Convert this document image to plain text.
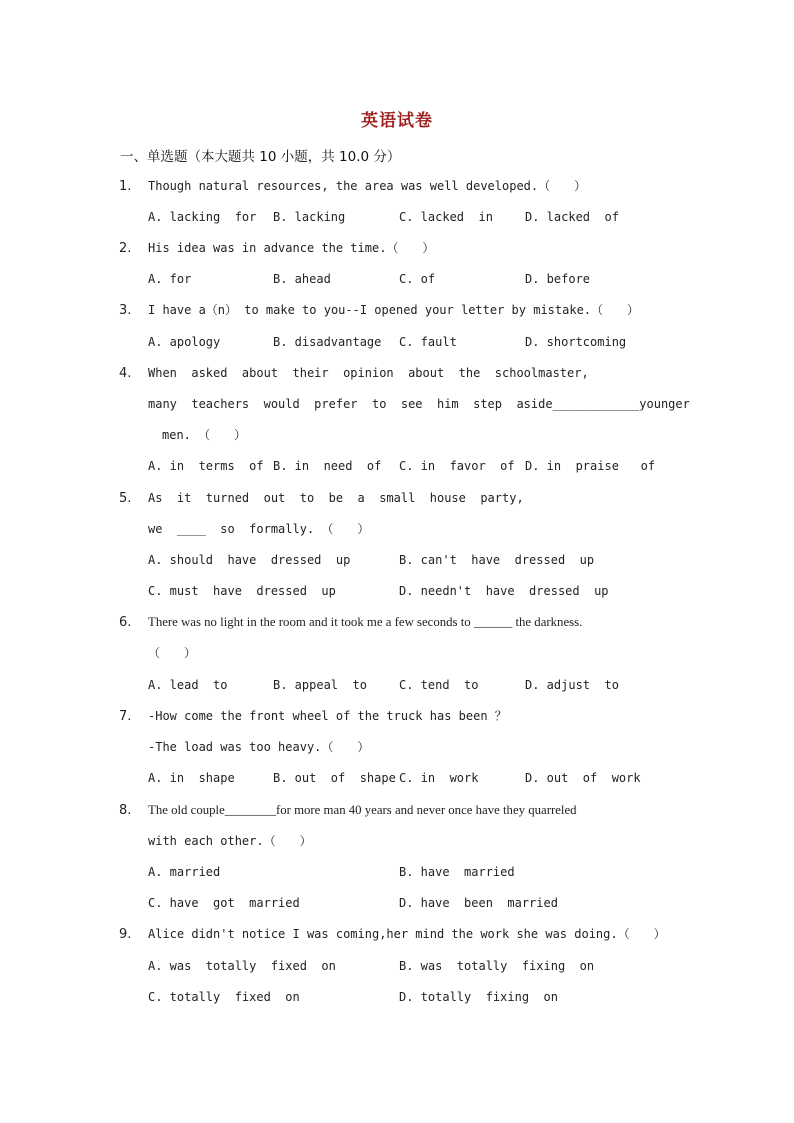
英语试卷
一、单选题（本大题共 10 小题，共 10.0 分）
1. Though natural resources, the area was well developed.（　　）
A. lacking  for B. lacking	C. lacked  in	D. lacked  of
2. His idea was in advance the time.（　　）
A. for	B. ahead	C. of	D. before
3. I have a（n） to make to you--I opened your letter by mistake.（　　）
A. apology	B. disadvantage C. fault	D. shortcoming
4. When  asked  about  their  opinion  about  the  schoolmaster,
many  teachers  would  prefer  to  see  him  step  aside____________younger
men. （　　）
A. in  terms  of B. in  need  of C. in  favor  of D. in  praise   of
5. As  it  turned  out  to  be  a  small  house  party,
we  ____  so  formally. （　　）
A. should  have  dressed  up	B. can't  have  dressed  up
C. must  have  dressed  up	D. needn't  have  dressed  up
6. There was no light in the room and it took me a few seconds to ______ the darkness.
（　　）
A. lead  to	B. appeal  to	C. tend  to	D. adjust  to
7. -How come the front wheel of the truck has been ？
-The load was too heavy.（　　）
A. in  shape	B. out  of  shape C. in  work	D. out  of  work
8. The old couple________for more man 40 years and never once have they quarreled
with each other.（　　）
A. married	B. have  married
C. have  got  married	D. have  been  married
9. Alice didn't notice I was coming,her mind the work she was doing.（　　）
A. was  totally  fixed  on	B. was  totally  fixing  on
C. totally  fixed  on	D. totally  fixing  on
